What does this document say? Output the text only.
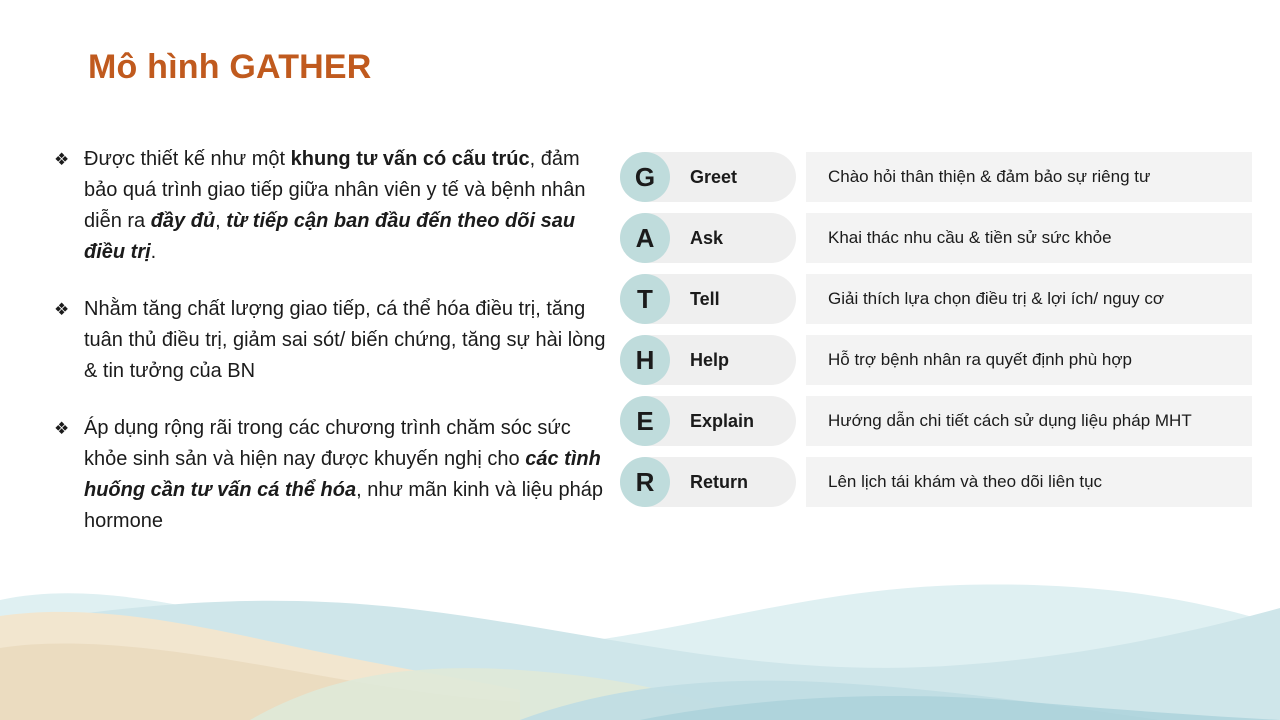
Mô hình GATHER
❖ Được thiết kế như một khung tư vấn có cấu trúc, đảm bảo quá trình giao tiếp giữa nhân viên y tế và bệnh nhân diễn ra đầy đủ, từ tiếp cận ban đầu đến theo dõi sau điều trị.
❖ Nhằm tăng chất lượng giao tiếp, cá thể hóa điều trị, tăng tuân thủ điều trị, giảm sai sót/ biến chứng, tăng sự hài lòng & tin tưởng của BN
❖ Áp dụng rộng rãi trong các chương trình chăm sóc sức khỏe sinh sản và hiện nay được khuyến nghị cho các tình huống cần tư vấn cá thể hóa, như mãn kinh và liệu pháp hormone
G	Greet	Chào hỏi thân thiện & đảm bảo sự riêng tư
A	Ask	Khai thác nhu cầu & tiền sử sức khỏe
T	Tell	Giải thích lựa chọn điều trị & lợi ích/ nguy cơ
H	Help	Hỗ trợ bệnh nhân ra quyết định phù hợp
E	Explain	Hướng dẫn chi tiết cách sử dụng liệu pháp MHT
R	Return	Lên lịch tái khám và theo dõi liên tục
